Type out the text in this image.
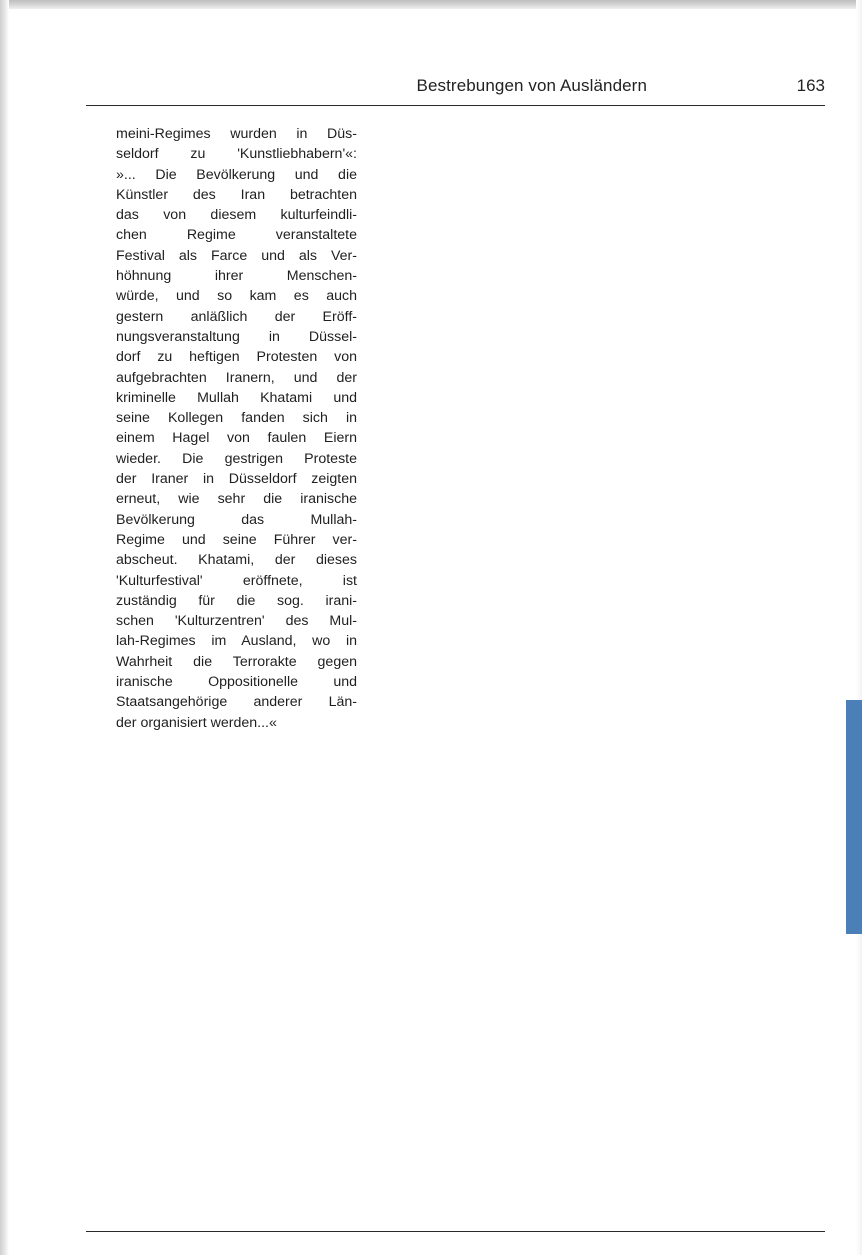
Bestrebungen von Ausländern	163
meini-Regimes wurden in Düs-
seldorf zu 'Kunstliebhabern'«:
»... Die Bevölkerung und die
Künstler des Iran betrachten
das von diesem kulturfeindli-
chen Regime veranstaltete
Festival als Farce und als Ver-
höhnung ihrer Menschen-
würde, und so kam es auch
gestern anläßlich der Eröff-
nungsveranstaltung in Düssel-
dorf zu heftigen Protesten von
aufgebrachten Iranern, und der
kriminelle Mullah Khatami und
seine Kollegen fanden sich in
einem Hagel von faulen Eiern
wieder. Die gestrigen Proteste
der Iraner in Düsseldorf zeigten
erneut, wie sehr die iranische
Bevölkerung das Mullah-
Regime und seine Führer ver-
abscheut. Khatami, der dieses
'Kulturfestival' eröffnete, ist
zuständig für die sog. irani-
schen 'Kulturzentren' des Mul-
lah-Regimes im Ausland, wo in
Wahrheit die Terrorakte gegen
iranische Oppositionelle und
Staatsangehörige anderer Län-
der organisiert werden...«
